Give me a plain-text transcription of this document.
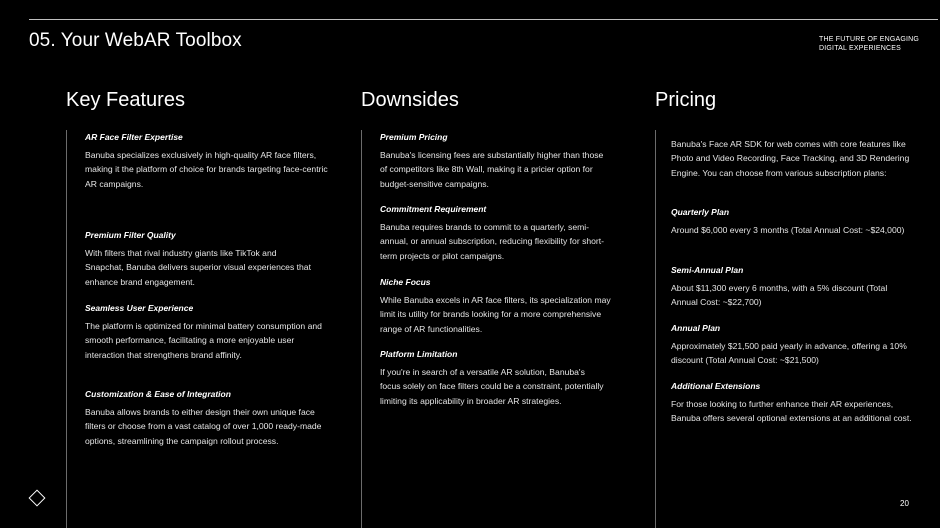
05. Your WebAR Toolbox	THE FUTURE OF ENGAGING
DIGITAL EXPERIENCES
Key Features
AR Face Filter Expertise

Banuba specializes exclusively in high-quality AR face filters, making it the platform of choice for brands targeting face-centric AR campaigns.

Premium Filter Quality

With filters that rival industry giants like TikTok and Snapchat, Banuba delivers superior visual experiences that enhance brand engagement.

Seamless User Experience

The platform is optimized for minimal battery consumption and smooth performance, facilitating a more enjoyable user interaction that strengthens brand affinity.

Customization & Ease of Integration

Banuba allows brands to either design their own unique face filters or choose from a vast catalog of over 1,000 ready-made options, streamlining the campaign rollout process.

Downsides
Premium Pricing

Banuba's licensing fees are substantially higher than those of competitors like 8th Wall, making it a pricier option for budget-sensitive campaigns.

Commitment Requirement

Banuba requires brands to commit to a quarterly, semi-annual, or annual subscription, reducing flexibility for short-term projects or pilot campaigns.

Niche Focus

While Banuba excels in AR face filters, its specialization may limit its utility for brands looking for a more comprehensive range of AR functionalities.

Platform Limitation

If you're in search of a versatile AR solution, Banuba's focus solely on face filters could be a constraint, potentially limiting its applicability in broader AR strategies.

Pricing

Banuba's Face AR SDK for web comes with core features like Photo and Video Recording, Face Tracking, and 3D Rendering Engine. You can choose from various subscription plans:

Quarterly Plan

Around $6,000 every 3 months (Total Annual Cost: ~$24,000)

Semi-Annual Plan

About $11,300 every 6 months, with a 5% discount (Total Annual Cost: ~$22,700)

Annual Plan

Approximately $21,500 paid yearly in advance, offering a 10% discount (Total Annual Cost: ~$21,500)

Additional Extensions

For those looking to further enhance their AR experiences, Banuba offers several optional extensions at an additional cost.

20
